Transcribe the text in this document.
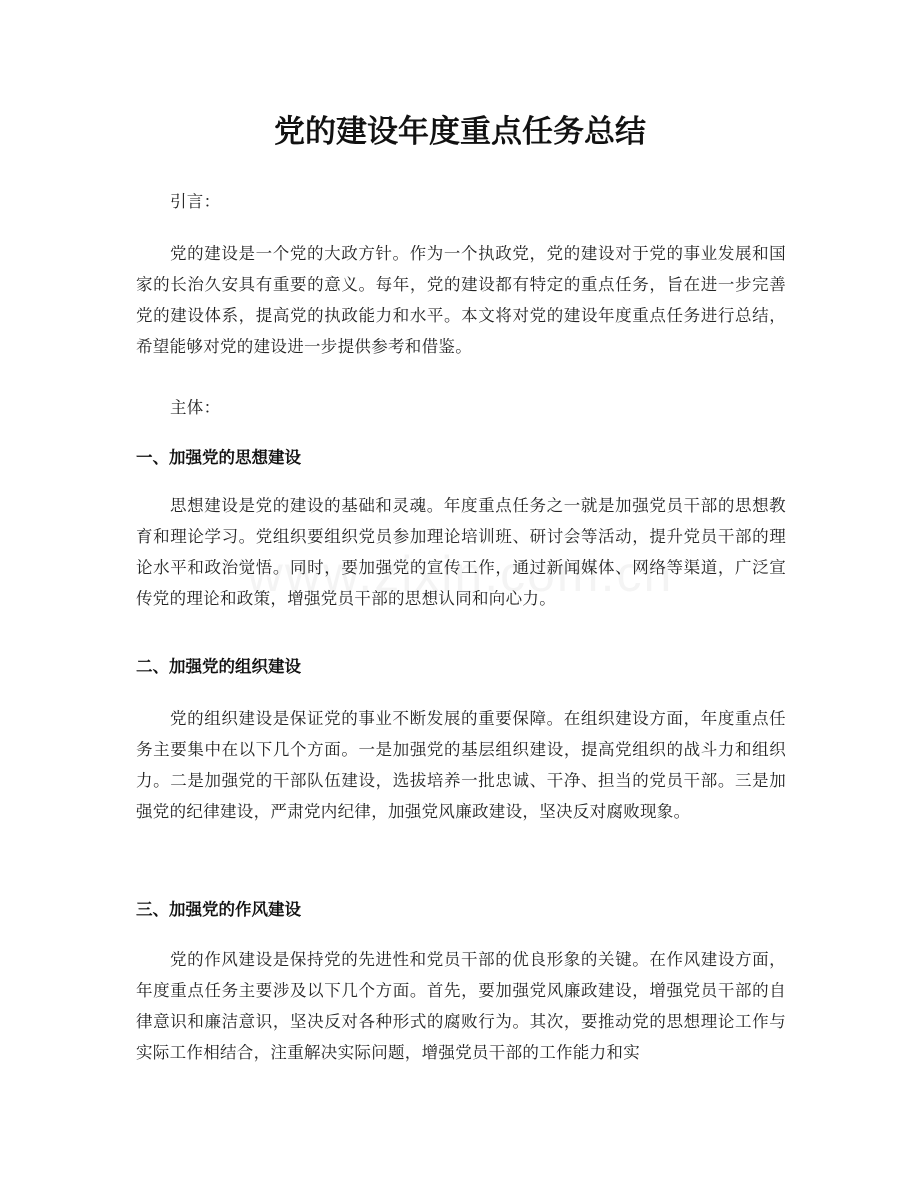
党的建设年度重点任务总结

引言：

党的建设是一个党的大政方针。作为一个执政党，党的建设对于党的事业发展和国家的长治久安具有重要的意义。每年，党的建设都有特定的重点任务，旨在进一步完善党的建设体系，提高党的执政能力和水平。本文将对党的建设年度重点任务进行总结，希望能够对党的建设进一步提供参考和借鉴。

主体：

一、加强党的思想建设

思想建设是党的建设的基础和灵魂。年度重点任务之一就是加强党员干部的思想教育和理论学习。党组织要组织党员参加理论培训班、研讨会等活动，提升党员干部的理论水平和政治觉悟。同时，要加强党的宣传工作，通过新闻媒体、网络等渠道，广泛宣传党的理论和政策，增强党员干部的思想认同和向心力。

二、加强党的组织建设

党的组织建设是保证党的事业不断发展的重要保障。在组织建设方面，年度重点任务主要集中在以下几个方面。一是加强党的基层组织建设，提高党组织的战斗力和组织力。二是加强党的干部队伍建设，选拔培养一批忠诚、干净、担当的党员干部。三是加强党的纪律建设，严肃党内纪律，加强党风廉政建设，坚决反对腐败现象。

三、加强党的作风建设

党的作风建设是保持党的先进性和党员干部的优良形象的关键。在作风建设方面，年度重点任务主要涉及以下几个方面。首先，要加强党风廉政建设，增强党员干部的自律意识和廉洁意识，坚决反对各种形式的腐败行为。其次，要推动党的思想理论工作与实际工作相结合，注重解决实际问题，增强党员干部的工作能力和实
